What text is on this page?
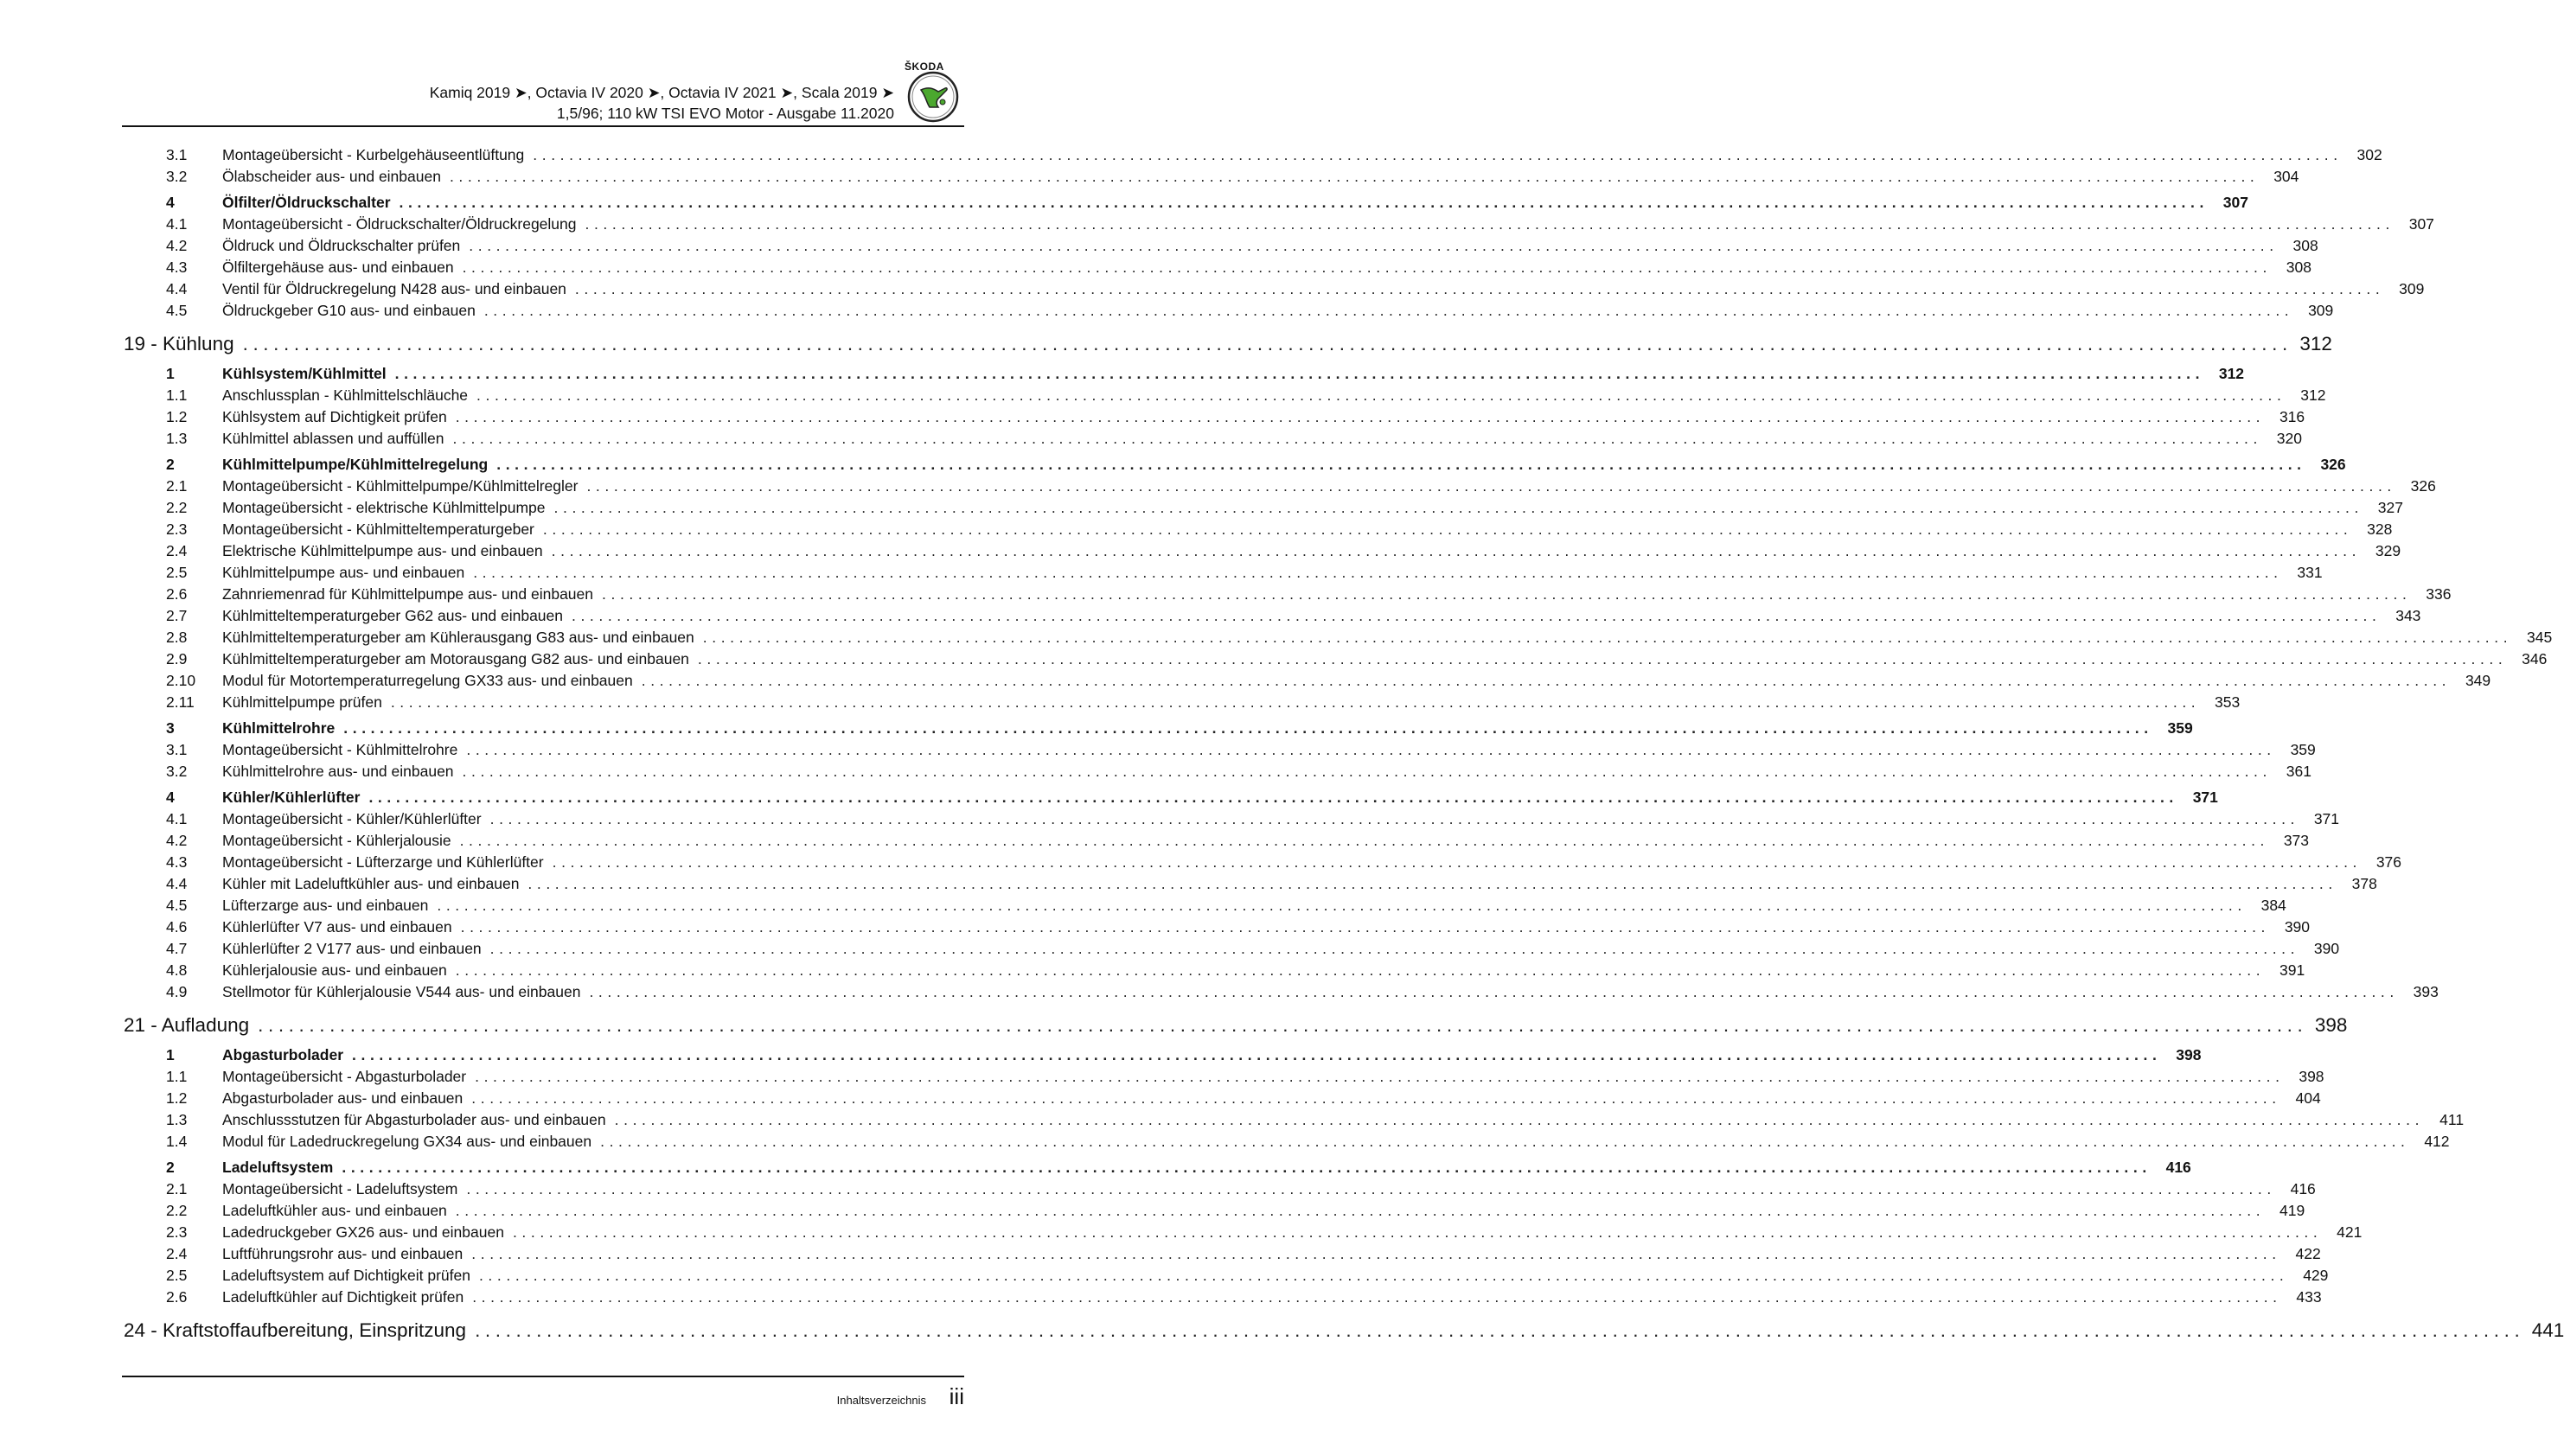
Kamiq 2019 ➤, Octavia IV 2020 ➤, Octavia IV 2021 ➤, Scala 2019 ➤
1,5/96; 110 kW TSI EVO Motor - Ausgabe 11.2020
ŠKODA
3.1 Montageübersicht - Kurbelgehäuseentlüftung ........................................................................................................................................................................................................ 302
3.2 Ölabscheider aus- und einbauen ........................................................................................................................................................................................................ 304
4	Ölfilter/Öldruckschalter ........................................................................................................................................................................................................ 307
4.1 Montageübersicht - Öldruckschalter/Öldruckregelung ........................................................................................................................................................................................................ 307
4.2 Öldruck und Öldruckschalter prüfen ........................................................................................................................................................................................................ 308
4.3 Ölfiltergehäuse aus- und einbauen ........................................................................................................................................................................................................ 308
4.4 Ventil für Öldruckregelung N428 aus- und einbauen ........................................................................................................................................................................................................ 309
4.5 Öldruckgeber G10 aus- und einbauen ........................................................................................................................................................................................................ 309
19 - Kühlung ........................................................................................................................................................................................................ 312
1	Kühlsystem/Kühlmittel ........................................................................................................................................................................................................ 312
1.1 Anschlussplan - Kühlmittelschläuche ........................................................................................................................................................................................................ 312
1.2 Kühlsystem auf Dichtigkeit prüfen ........................................................................................................................................................................................................ 316
1.3 Kühlmittel ablassen und auffüllen ........................................................................................................................................................................................................ 320
2	Kühlmittelpumpe/Kühlmittelregelung ........................................................................................................................................................................................................ 326
2.1 Montageübersicht - Kühlmittelpumpe/Kühlmittelregler ........................................................................................................................................................................................................ 326
2.2 Montageübersicht - elektrische Kühlmittelpumpe ........................................................................................................................................................................................................ 327
2.3 Montageübersicht - Kühlmitteltemperaturgeber ........................................................................................................................................................................................................ 328
2.4 Elektrische Kühlmittelpumpe aus- und einbauen ........................................................................................................................................................................................................ 329
2.5 Kühlmittelpumpe aus- und einbauen ........................................................................................................................................................................................................ 331
2.6 Zahnriemenrad für Kühlmittelpumpe aus- und einbauen ........................................................................................................................................................................................................ 336
2.7 Kühlmitteltemperaturgeber G62 aus- und einbauen ........................................................................................................................................................................................................ 343
2.8 Kühlmitteltemperaturgeber am Kühlerausgang G83 aus- und einbauen ........................................................................................................................................................................................................ 345
2.9 Kühlmitteltemperaturgeber am Motorausgang G82 aus- und einbauen ........................................................................................................................................................................................................ 346
2.10 Modul für Motortemperaturregelung GX33 aus- und einbauen ........................................................................................................................................................................................................ 349
2.11 Kühlmittelpumpe prüfen ........................................................................................................................................................................................................ 353
3	Kühlmittelrohre ........................................................................................................................................................................................................ 359
3.1 Montageübersicht - Kühlmittelrohre ........................................................................................................................................................................................................ 359
3.2 Kühlmittelrohre aus- und einbauen ........................................................................................................................................................................................................ 361
4	Kühler/Kühlerlüfter ........................................................................................................................................................................................................ 371
4.1 Montageübersicht - Kühler/Kühlerlüfter ........................................................................................................................................................................................................ 371
4.2 Montageübersicht - Kühlerjalousie ........................................................................................................................................................................................................ 373
4.3 Montageübersicht - Lüfterzarge und Kühlerlüfter ........................................................................................................................................................................................................ 376
4.4 Kühler mit Ladeluftkühler aus- und einbauen ........................................................................................................................................................................................................ 378
4.5 Lüfterzarge aus- und einbauen ........................................................................................................................................................................................................ 384
4.6 Kühlerlüfter V7 aus- und einbauen ........................................................................................................................................................................................................ 390
4.7 Kühlerlüfter 2 V177 aus- und einbauen ........................................................................................................................................................................................................ 390
4.8 Kühlerjalousie aus- und einbauen ........................................................................................................................................................................................................ 391
4.9 Stellmotor für Kühlerjalousie V544 aus- und einbauen ........................................................................................................................................................................................................ 393
21 - Aufladung ........................................................................................................................................................................................................ 398
1	Abgasturbolader ........................................................................................................................................................................................................ 398
1.1 Montageübersicht - Abgasturbolader ........................................................................................................................................................................................................ 398
1.2 Abgasturbolader aus- und einbauen ........................................................................................................................................................................................................ 404
1.3 Anschlussstutzen für Abgasturbolader aus- und einbauen ........................................................................................................................................................................................................	411
1.4 Modul für Ladedruckregelung GX34 aus- und einbauen ........................................................................................................................................................................................................ 412
2	Ladeluftsystem ........................................................................................................................................................................................................ 416
2.1 Montageübersicht - Ladeluftsystem ........................................................................................................................................................................................................ 416
2.2 Ladeluftkühler aus- und einbauen ........................................................................................................................................................................................................ 419
2.3 Ladedruckgeber GX26 aus- und einbauen ........................................................................................................................................................................................................ 421
2.4 Luftführungsrohr aus- und einbauen ........................................................................................................................................................................................................ 422
2.5 Ladeluftsystem auf Dichtigkeit prüfen ........................................................................................................................................................................................................ 429
2.6 Ladeluftkühler auf Dichtigkeit prüfen ........................................................................................................................................................................................................ 433
24 - Kraftstoffaufbereitung, Einspritzung ........................................................................................................................................................................................................ 441
Inhaltsverzeichnis iii
